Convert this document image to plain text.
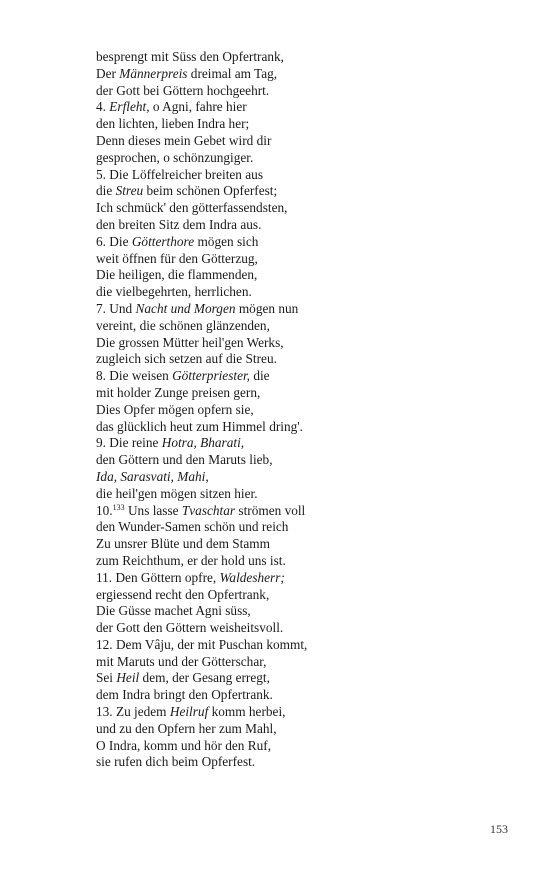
besprengt mit Süss den Opfertrank,
Der Männerpreis dreimal am Tag,
der Gott bei Göttern hochgeehrt.
4. Erfleht, o Agni, fahre hier
den lichten, lieben Indra her;
Denn dieses mein Gebet wird dir
gesprochen, o schönzungiger.
5. Die Löffelreicher breiten aus
die Streu beim schönen Opferfest;
Ich schmück' den götterfassendsten,
den breiten Sitz dem Indra aus.
6. Die Götterthore mögen sich
weit öffnen für den Götterzug,
Die heiligen, die flammenden,
die vielbegehrten, herrlichen.
7. Und Nacht und Morgen mögen nun
vereint, die schönen glänzenden,
Die grossen Mütter heil'gen Werks,
zugleich sich setzen auf die Streu.
8. Die weisen Götterpriester, die
mit holder Zunge preisen gern,
Dies Opfer mögen opfern sie,
das glücklich heut zum Himmel dring'.
9. Die reine Hotra, Bharati,
den Göttern und den Maruts lieb,
Ida, Sarasvati, Mahi,
die heil'gen mögen sitzen hier.
10.$^{133}$ Uns lasse Tvaschtar strömen voll
den Wunder-Samen schön und reich
Zu unsrer Blüte und dem Stamm
zum Reichthum, er der hold uns ist.
11. Den Göttern opfre, Waldesherr;
ergiessend recht den Opfertrank,
Die Güsse machet Agni süss,
der Gott den Göttern weisheitsvoll.
12. Dem Vâju, der mit Puschan kommt,
mit Maruts und der Götterschar,
Sei Heil dem, der Gesang erregt,
dem Indra bringt den Opfertrank.
13. Zu jedem Heilruf komm herbei,
und zu den Opfern her zum Mahl,
O Indra, komm und hör den Ruf,
sie rufen dich beim Opferfest.
153
